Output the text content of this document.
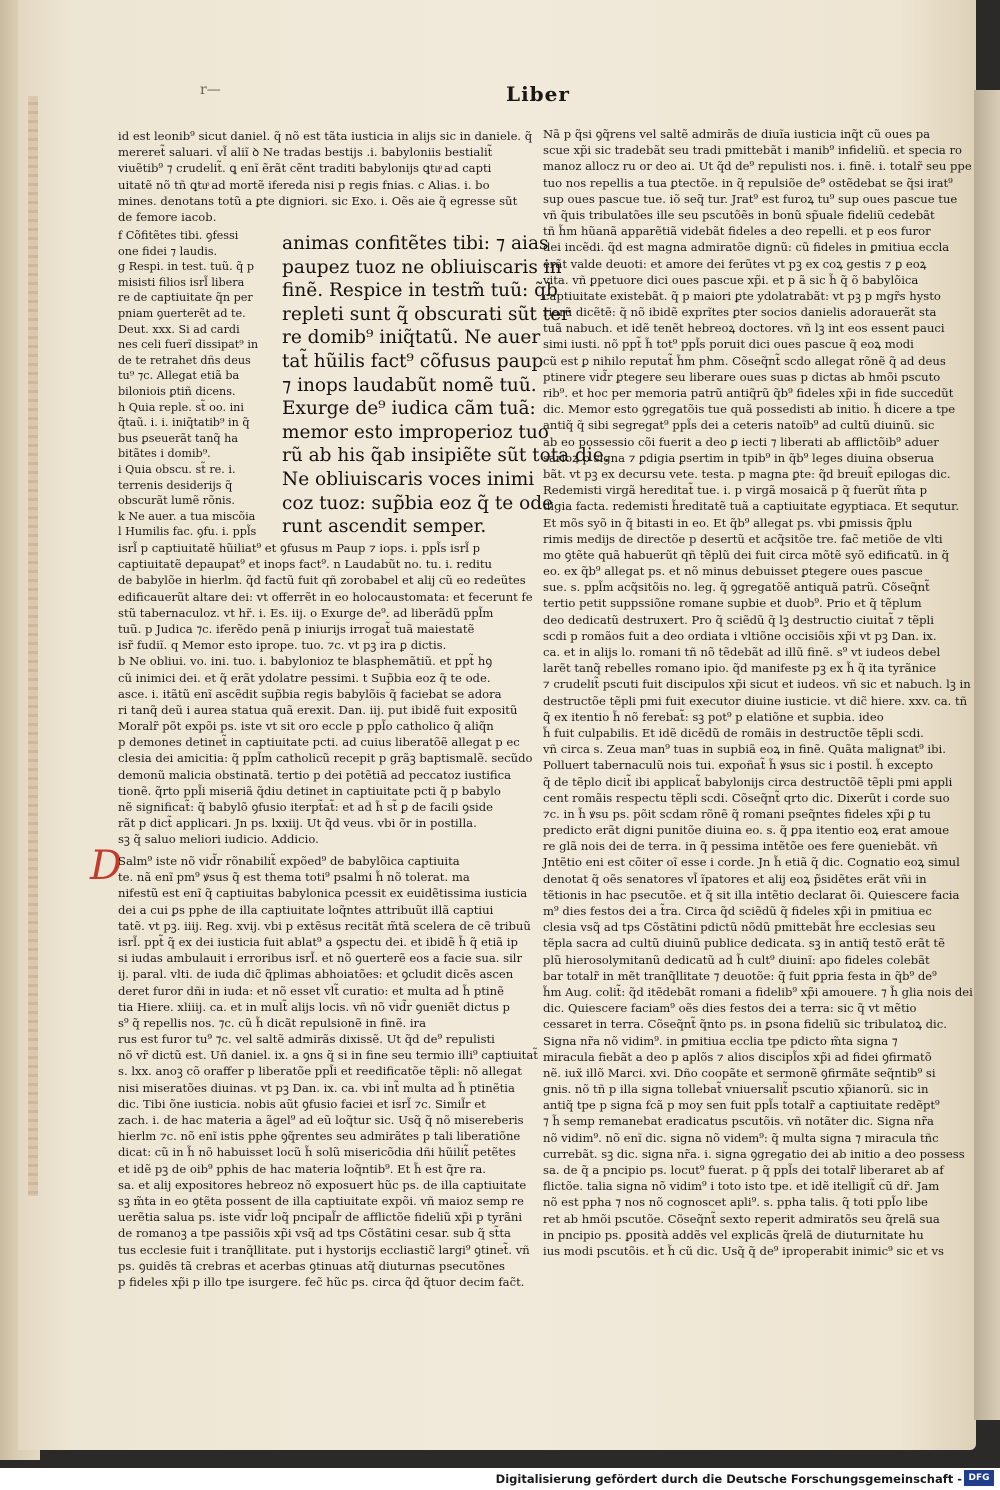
r—	Liber
id est leonib⁹ sicut daniel. q̃ nõ est tãta iusticia in alijs sic in daniele. q̃
mereret̃ saluari. vl̃ aliĩ ꝺ Ne tradas bestijs .i. babyloniis bestialit̃
viuẽtib⁹ ⁊ crudelit̃. ꝗ enĩ ẽrãt cẽnt traditi babylonijs ꝗtuͦ ad capti
uitatẽ nõ tñ ꝗtuͦ ad mortẽ ifereda nisi p regis fnias. c Alias. i. bo
mines. denotans totũ a ꝑte digniori. sic Exo. i. Oẽs aie q̃ egresse sũt
de femore iacob.
f Cõfitẽtes tibi. ꝯfessi
one fidei ⁊ laudis.
g Respi. in test. tuũ. q̃ p
misisti filios isrl̃ libera
re de captiuitate q̃n per
pniam ꝯuerterẽt ad te.
Deut. xxx. Si ad cardi
nes celi fuerĩ dissipat⁹ in
de te retrahet dñs deus
tu⁹ ⁊c. Allegat etiã ba
biloniois ꝑtiñ dicens.
h Quia reple. st̃ oo. ini
q̃taũ. i. i. iniq̃tatib⁹ in q̃
bus ꝑseuerãt tanq̃ ha
bitãtes i domib⁹.
i Quia obscu. st̃ re. i.
terrenis desiderijs q̃
obscurãt lumẽ rõnis.
k Ne auer. a tua miscõia
l Humilis fac. ꝯfu. i. ppl̃s
animas confitẽtes tibi: ⁊ aias
paupez tuoz ne obliuiscaris in
finẽ. Respice in testm̃ tuũ: q̃b
repleti sunt q̃ obscurati sũt ter
re domib⁹ iniq̃tatũ. Ne auer
tat̃ hũilis fact⁹ cõfusus paup
⁊ inops laudabũt nomẽ tuũ.
Exurge de⁹ iudica cãm tuã:
memor esto improperioz tuo
rũ ab his q̃ab insipiẽte sũt tota die.
Ne obliuiscaris voces inimi
coz tuoz: sup̃bia eoz q̃ te ode
runt ascendit semper.
isrl̃ p captiuitatẽ hũiliat⁹ et ꝯfusus m Paup ⁊ iops. i. ppl̃s isrl̃ p
captiuitatẽ depaupat⁹ et inops fact⁹. n Laudabũt no. tu. i. reditu
de babylõe in hierlm. q̃d factũ fuit qñ zorobabel et alij cũ eo redeũtes
edificauerũt altare dei: vt offerrẽt in eo holocaustomata: et fecerunt fe
stũ tabernaculoz. vt hr̃. i. Es. iij. o Exurge de⁹. ad liberãdũ ppl̃m
tuũ. p Judica ⁊c. iferẽdo penã p iniurijs irrogat̃ tuã maiestatẽ
isr̃ fudiĩ. q Memor esto iprope. tuo. ⁊c. vt pꝫ ira ꝑ dictis.
b Ne obliui. vo. ini. tuo. i. babylonioz te blasphemãtiũ. et ppt̃ hꝯ
cũ inimici dei. et q̃ erãt ydolatre pessimi. t Sup̃bia eoz q̃ te ode.
asce. i. itãtũ enĩ ascẽdit sup̃bia regis babylõis q̃ faciebat se adora
ri tanq̃ deũ i aurea statua quã erexit. Dan. iij. put ibidẽ fuit expositũ
Moralr̃ põt expõi ps. iste vt sit oro eccle p ppl̃o catholico q̃ aliq̃n
p demones detinet̃ in captiuitate pcti. ad cuius liberatõẽ allegat p ec
clesia dei amicitia: q̃ ppl̃m catholicũ recepit p grãꝫ baptismalẽ. secũdo
demonũ malicia obstinatã. tertio p dei potẽtiã ad peccatoz iustifica
tionẽ. q̃rto ppl̃i miseriã q̃diu detinet in captiuitate pcti q̃ p babylo
nẽ significat̃: q̃ babylõ ꝯfusio iterpt̃at̃: et ad h̃ st̃ ꝑ de facili ꝯside
rãt p dict̃ applicari. Jn ps. lxxiij. Ut q̃d veus. vbi õr in postilla.
sꝫ q̃ saluo meliori iudicio. Addicio.
D
Salm⁹ iste nõ vid̃r rõnabilit̃ expõed⁹ de babylõica captiuita
te. nã enĩ pm⁹ ꝟsus q̃ est thema toti⁹ psalmi h̃ nõ tolerat. ma
nifestũ est enĩ q̃ captiuitas babylonica pcessit ex euidẽtissima iusticia
dei a cui ꝑs pphe de illa captiuitate loq̃ntes attribuũt illã captiui
tatẽ. vt pꝫ. iiij. Reg. xvij. vbi p extẽsus recitãt m̃tã scelera de cẽ tribuũ
isrl̃. ppt̃ q̃ ex dei iusticia fuit ablat⁹ a ꝯspectu dei. et ibidẽ h̃ q̃ etiã ip
si iudas ambulauit i erroribus isrl̃. et nõ ꝯuerterẽ eos a facie sua. silr
ij. paral. vlti. de iuda dic̃ q̃plimas abhoiatões: et ꝯcludit dicẽs ascen
deret furor dñi in iuda: et nõ esset vlt̃ curatio: et multa ad h̃ ptinẽ
tia Hiere. xliiij. ca. et in mult̃ alijs locis. vñ nõ vid̃r ꝯueniẽt dictus p
s⁹ q̃ repellis nos. ⁊c. cũ h̃ dicãt repulsionẽ in finẽ. ira
rus est furor tu⁹ ⁊c. vel saltẽ admirãs dixissẽ. Ut q̃d de⁹ repulisti
nõ vr̃ dictũ est. Uñ daniel. ix. a ꝯns q̃ si in fine seu termio illi⁹ captiuitat̃
s. lxx. anoꝫ cõ oraffer p liberatõe ppl̃i et reedificatõe tẽpli: nõ allegat
nisi miseratões diuinas. vt pꝫ Dan. ix. ca. vbi int̃ multa ad h̃ ptinẽtia
dic. Tibi õne iusticia. nobis aũt ꝯfusio faciei et isrl̃ ⁊c. Simil̃r et
zach. i. de hac materia a ãgel⁹ ad eũ loq̃tur sic. Usq̃ q̃ nõ misereberis
hierlm ⁊c. nõ enĩ istis pphe ꝯq̃rentes seu admirãtes p tali liberatiõne
dicat: cũ in h̃ nõ habuisset locũ h̃ solũ misericõdia dñi hũilit̃ petẽtes
et idẽ pꝫ de oib⁹ pphis de hac materia loq̃ntib⁹. Et h̃ est q̃re ra.
sa. et alij expositores hebreoz nõ exposuert hũc ps. de illa captiuitate
sꝫ m̃ta in eo ꝯtẽta possent de illa captiuitate expõi. vñ maioz semp re
uerẽtia salua ps. iste vid̃r loq̃ pncipal̃r de afflictõe fideliũ xp̃i p tyrãni
de romanoꝫ a tpe passiõis xp̃i vsq̃ ad tps Cõstãtini cesar. sub q̃ st̃ta
tus ecclesie fuit i tranq̃llitate. put i hystorijs eccliastic̃ largi⁹ ꝯtinet̃. vñ
ps. ꝯuidẽs tã crebras et acerbas ꝯtinuas atq̃ diuturnas psecutõnes
p fideles xp̃i p illo tpe isurgere. fec̃ hũc ps. circa q̃d q̃tuor decim fac̃t.
Nã p q̃si ꝯq̃rens vel saltẽ admirãs de diuĩa iusticia inq̃t cũ oues pa
scue xp̃i sic tradebãt seu tradi pmittebãt i manib⁹ infideliũ. et specia ro
manoz allocz ru or deo ai. Ut q̃d de⁹ repulisti nos. i. finẽ. i. totalr̃ seu ppe
tuo nos repellis a tua ꝑtectõe. in q̃ repulsiõe de⁹ ostẽdebat se q̃si irat⁹
sup oues pascue tue. iõ seq̃ tur. Jrat⁹ est furoꝝ tu⁹ sup oues pascue tue
vñ q̃uis tribulatões ille seu pscutõẽs in bonũ sp̃uale fideliũ cedebãt
tñ h̃m hũanã apparẽtiã videbãt fideles a deo repelli. et p eos furor
dei incẽdi. q̃d est magna admiratõe dignũ: cũ fideles in ꝑmitiua eccla
erãt valde deuoti: et amore dei ferũtes vt pꝫ ex coꝝ gestis ⁊ ꝑ eoꝝ
vita. vñ ꝑpetuore dici oues pascue xp̃i. et p ã sic h̃ q̃ õ babylõica
captiuitate existebãt. q̃ p maiori ꝑte ydolatrabãt: vt pꝫ p mgr̃s hysto
riarũ dicẽtẽ: q̃ nõ ibidẽ exprĩtes ꝑter socios danielis adorauerãt sta
tuã nabuch. et idẽ tenẽt hebreoꝝ doctores. vñ lꝫ int eos essent pauci
simi iusti. nõ ppt̃ h̃ tot⁹ ppl̃s poruit dici oues pascue q̃ eoꝝ modi
cũ est ꝑ nihilo reputat̃ h̃m phm. Cõseq̃nt̃ scdo allegat rõnẽ q̃ ad deus
ptinere vid̃r ꝑtegere seu liberare oues suas p dictas ab hmõi pscuto
rib⁹. et hoc per memoria patrũ antiq̃rũ q̃b⁹ fideles xp̃i in fide succedũt
dic. Memor esto ꝯgregatõis tue quã possedisti ab initio. h̃ dicere a tpe
antiq̃ q̃ sibi segregat⁹ ppl̃s dei a ceteris natoĩb⁹ ad cultũ diuinũ. sic
ab eo possessio cõi fuerit a deo ꝑ iecti ⁊ liberati ab afflictõib⁹ aduer
sarioꝝ p signa ⁊ ꝑdigia ꝑsertim in tpib⁹ in q̃b⁹ leges diuina obserua
bãt. vt pꝫ ex decursu vete. testa. p magna ꝑte: q̃d breuit̃ epilogas dic.
Redemisti virgã hereditat̃ tue. i. p virgã mosaicã p q̃ fuerũt m̃ta p
digia facta. redemisti h̃reditatẽ tuã a captiuitate egyptiaca. Et sequtur.
Et mõs syõ in q̃ bitasti in eo. Et q̃b⁹ allegat ps. vbi ꝑmissis q̃plu
rimis medijs de directõe p desertũ et acq̃sitõe tre. fac̃ metiõe de vlti
mo ꝯtẽte quã habuerũt qñ tẽplũ dei fuit circa mõtẽ syõ edificatũ. in q̃
eo. ex q̃b⁹ allegat ps. et nõ minus debuisset ꝑtegere oues pascue
sue. s. ppl̃m acq̃sitõis no. leg. q̃ ꝯgregatõẽ antiquã patrũ. Cõseq̃nt̃
tertio petit suppssiõne romane supbie et duob⁹. Prio et q̃ tẽplum
deo dedicatũ destruxert. Pro q̃ sciẽdũ q̃ lꝫ destructio ciuitat̃ ⁊ tẽpli
scdi p romãos fuit a deo ordiata i vltiõne occisiõis xp̃i vt pꝫ Dan. ix.
ca. et in alijs lo. romani tñ nõ tẽdebãt ad illũ finẽ. s⁹ vt iudeos debel
larẽt tanq̃ rebelles romano ipio. q̃d manifeste pꝫ ex h̃ q̃ ita tyrãnice
⁊ crudelit̃ pscuti fuit discipulos xp̃i sicut et iudeos. vñ sic et nabuch. lꝫ in
destructõe tẽpli pmi fuit executor diuine iusticie. vt dic̃ hiere. xxv. ca. tñ
q̃ ex itentio h̃ nõ ferebat̃: sꝫ pot⁹ p elatiõne et supbia. ideo
h̃ fuit culpabilis. Et idẽ dicẽdũ de romãis in destructõe tẽpli scdi.
vñ circa s. Zeua man⁹ tuas in supbiã eoꝝ in finẽ. Quãta malignat⁹ ibi.
Polluert tabernaculũ nois tui. expoñat̃ h̃ ꝟsus sic i postil. h̃ excepto
q̃ de tẽplo dicit̃ ibi applicat̃ babylonijs circa destructõẽ tẽpli pmi appli
cent romãis respectu tẽpli scdi. Cõseq̃nt̃ qrto dic. Dixerũt i corde suo
⁊c. in h̃ ꝟsu ps. põit scdam rõnẽ q̃ romani pseq̃ntes fideles xp̃i ꝑ tu
predicto erãt digni punitõe diuina eo. s. q̃ ꝑpa itentio eoꝝ erat amoue
re glã nois dei de terra. in q̃ pessima intẽtõe oes fere ꝯueniebãt. vñ
Jntẽtio eni est cõiter oĩ esse i corde. Jn h̃ etiã q̃ dic. Cognatio eoꝝ simul
denotat q̃ oẽs senatores vl̃ ĩpatores et alij eoꝝ p̃sidẽtes erãt vñi in
tẽtionis in hac psecutõe. et q̃ sit illa intẽtio declarat õi. Quiescere facia
m⁹ dies festos dei a t̃ra. Circa q̃d sciẽdũ q̃ fideles xp̃i in pmitiua ec
clesia vsq̃ ad tps Cõstãtini pdictũ nõdũ pmittebãt h̃re ecclesias seu
tẽpla sacra ad cultũ diuinũ publice dedicata. sꝫ in antiq̃ testõ erãt tẽ
plũ hierosolymitanũ dedicatũ ad h̃ cult⁹ diuinĩ: apo fideles colebãt
bar totalr̃ in mẽt tranq̃llitate ⁊ deuotõe: q̃ fuit ꝑpria festa in q̃b⁹ de⁹
h̃m Aug. colit̃: q̃d itẽdebãt romani a fidelib⁹ xp̃i amouere. ⁊ h̃ glia nois dei
dic. Quiescere faciam⁹ oẽs dies festos dei a terra: sic q̃ vt mẽtio
cessaret in terra. Cõseq̃nt̃ q̃nto ps. in ꝑsona fideliũ sic tribulatoꝝ dic.
Signa nr̃a nõ vidim⁹. in ꝑmitiua ecclia tpe pdicto m̃ta signa ⁊
miracula fiebãt a deo p aplõs ⁊ alios discipl̃os xp̃i ad fidei ꝯfirmatõ
nẽ. iux̃ illõ Marci. xvi. Dño coopãte et sermonẽ ꝯfirmãte seq̃ntib⁹ si
gnis. nõ tñ p illa signa tollebat̃ vniuersalit̃ pscutio xp̃ianorũ. sic in
antiq̃ tpe p signa fcã p moy sen fuit ppl̃s totalr̃ a captiuitate redẽpt⁹
⁊ h̃ semp remanebat eradicatus pscutõis. vñ notãter dic. Signa nr̃a
nõ vidim⁹. nõ enĩ dic. signa nõ videm⁹: q̃ multa signa ⁊ miracula tñc
currebãt. sꝫ dic. signa nr̃a. i. signa ꝯgregatio dei ab initio a deo possess
sa. de q̃ a pncipio ps. locut⁹ fuerat. p q̃ ppl̃s dei totalr̃ liberaret ab af
flictõe. talia signa nõ vidim⁹ i toto isto tpe. et idẽ itelligit̃ cũ dr̃. Jam
nõ est ppha ⁊ nos nõ cognoscet apli⁹. s. ppha talis. q̃ toti ppl̃o libe
ret ab hmõi pscutõe. Cõseq̃nt̃ sexto reperit admiratõs seu q̃relã sua
in pncipio ps. ꝑposità addẽs vel explicãs q̃relã de diuturnitate hu
ius modi pscutõis. et h̃ cũ dic. Usq̃ q̃ de⁹ iproperabit inimic⁹ sic et vs
Digitalisierung gefördert durch die Deutsche Forschungsgemeinschaft - DFG
